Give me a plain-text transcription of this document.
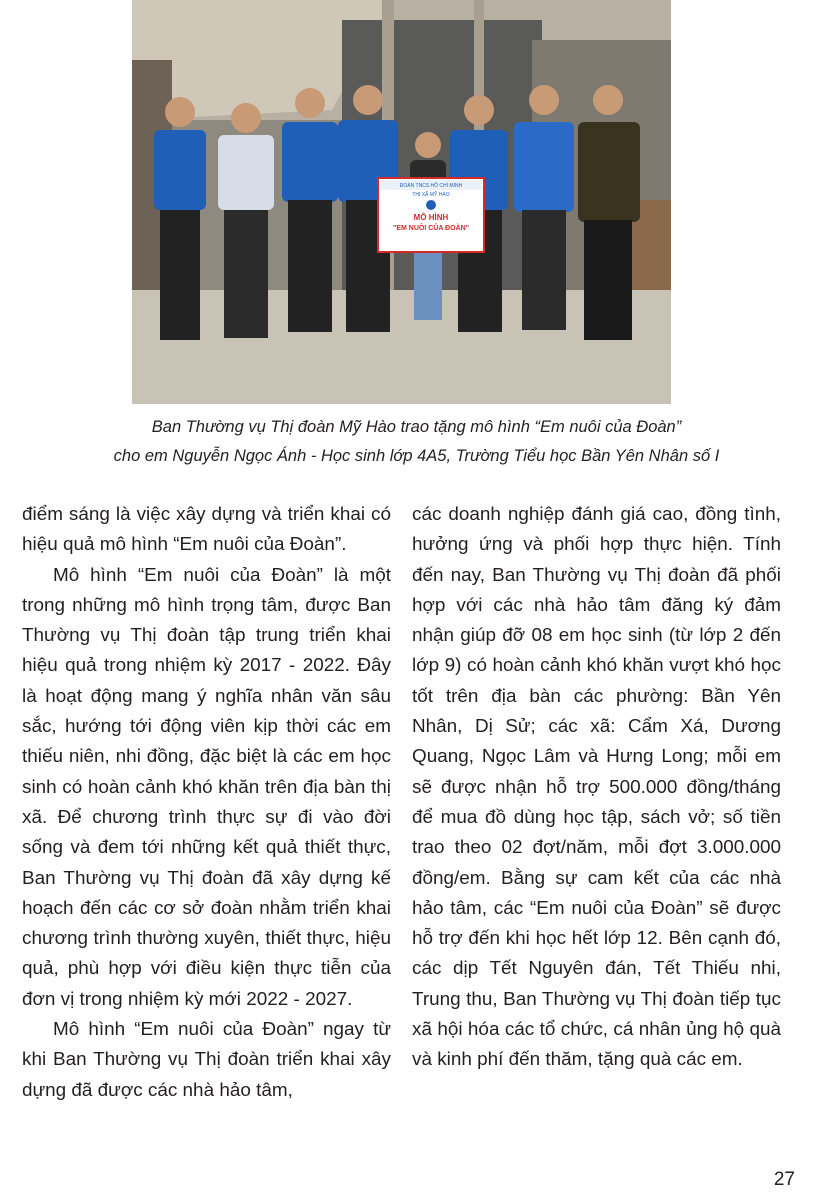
ĐOÀN TNCS HỒ CHÍ MINH
THỊ XÃ MỸ HÀO
MÔ HÌNH
"EM NUÔI CỦA ĐOÀN"
Ban Thường vụ Thị đoàn Mỹ Hào trao tặng mô hình “Em nuôi của Đoàn”
cho em Nguyễn Ngọc Ánh - Học sinh lớp 4A5, Trường Tiểu học Bần Yên Nhân số I

điểm sáng là việc xây dựng và triển khai có hiệu quả mô hình “Em nuôi của Đoàn”.

Mô hình “Em nuôi của Đoàn” là một trong những mô hình trọng tâm, được Ban Thường vụ Thị đoàn tập trung triển khai hiệu quả trong nhiệm kỳ 2017 - 2022. Đây là hoạt động mang ý nghĩa nhân văn sâu sắc, hướng tới động viên kịp thời các em thiếu niên, nhi đồng, đặc biệt là các em học sinh có hoàn cảnh khó khăn trên địa bàn thị xã. Để chương trình thực sự đi vào đời sống và đem tới những kết quả thiết thực, Ban Thường vụ Thị đoàn đã xây dựng kế hoạch đến các cơ sở đoàn nhằm triển khai chương trình thường xuyên, thiết thực, hiệu quả, phù hợp với điều kiện thực tiễn của đơn vị trong nhiệm kỳ mới 2022 - 2027.

Mô hình “Em nuôi của Đoàn” ngay từ khi Ban Thường vụ Thị đoàn triển khai xây dựng đã được các nhà hảo tâm,

các doanh nghiệp đánh giá cao, đồng tình, hưởng ứng và phối hợp thực hiện. Tính đến nay, Ban Thường vụ Thị đoàn đã phối hợp với các nhà hảo tâm đăng ký đảm nhận giúp đỡ 08 em học sinh (từ lớp 2 đến lớp 9) có hoàn cảnh khó khăn vượt khó học tốt trên địa bàn các phường: Bần Yên Nhân, Dị Sử; các xã: Cẩm Xá, Dương Quang, Ngọc Lâm và Hưng Long; mỗi em sẽ được nhận hỗ trợ 500.000 đồng/tháng để mua đồ dùng học tập, sách vở; số tiền trao theo 02 đợt/năm, mỗi đợt 3.000.000 đồng/em. Bằng sự cam kết của các nhà hảo tâm, các “Em nuôi của Đoàn” sẽ được hỗ trợ đến khi học hết lớp 12. Bên cạnh đó, các dịp Tết Nguyên đán, Tết Thiếu nhi, Trung thu, Ban Thường vụ Thị đoàn tiếp tục xã hội hóa các tổ chức, cá nhân ủng hộ quà và kinh phí đến thăm, tặng quà các em.

27
